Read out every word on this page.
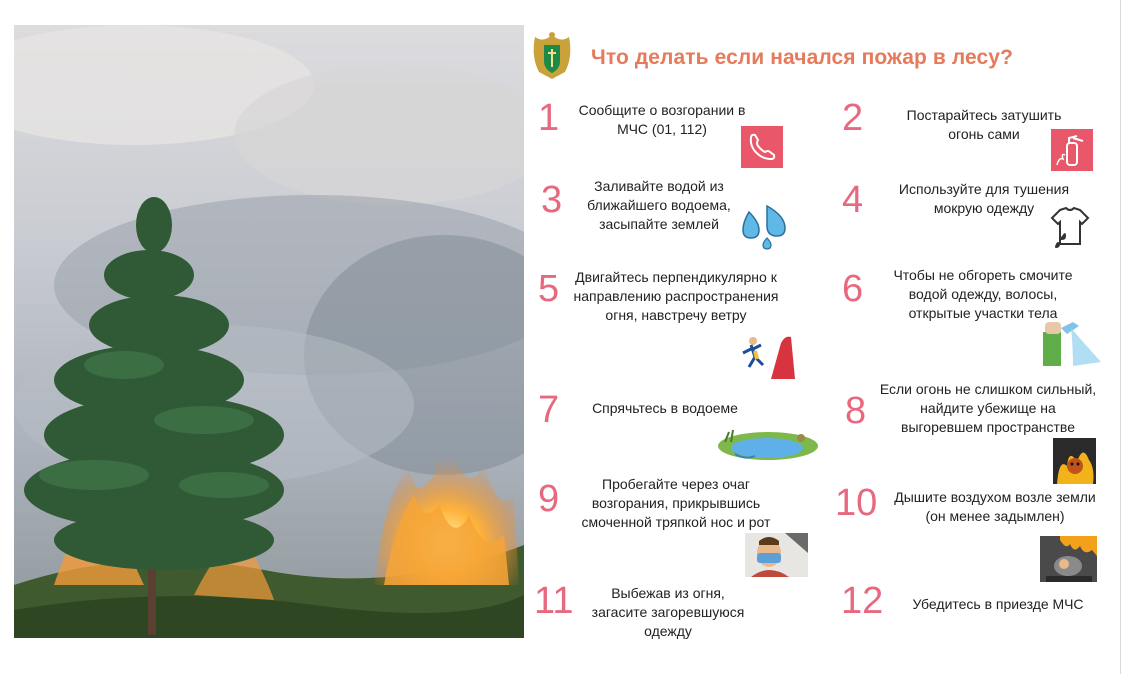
Что делать если начался пожар в лесу?
1	Сообщите о возгорании в МЧС (01, 112)	2	Постарайтесь затушить огонь сами
3	Заливайте водой из ближайшего водоема, засыпайте землей
4	Используйте для тушения мокрую одежду
5	Двигайтесь перпендикулярно к направлению распространения огня, навстречу ветру
6	Чтобы не обгореть смочите водой одежду, волосы, открытые участки тела
7	Спрячьтесь в водоеме	8
Если огонь не слишком сильный, найдите убежище на выгоревшем пространстве
9	Пробегайте через очаг возгорания, прикрывшись смоченной тряпкой нос и рот	10	Дышите воздухом возле земли (он менее задымлен)
11	Выбежав из огня, загасите загоревшуюся одежду
12	Убедитесь в приезде МЧС
